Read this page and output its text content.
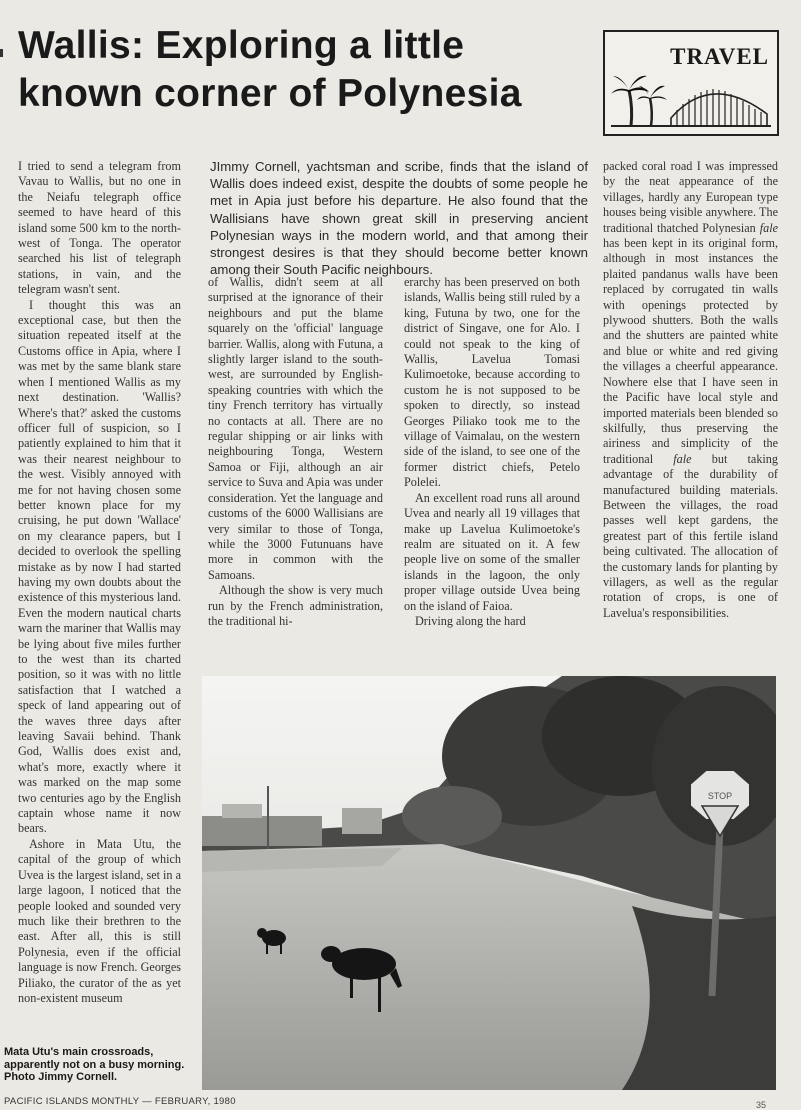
Wallis: Exploring a little
known corner of Polynesia
TRAVEL
JImmy Cornell, yachtsman and scribe, finds that the island of Wallis does indeed exist, despite the doubts of some people he met in Apia just before his departure. He also found that the Wallisians have shown great skill in preserving ancient Polynesian ways in the modern world, and that among their strongest desires is that they should become better known among their South Pacific neighbours.

I tried to send a telegram from Vavau to Wallis, but no one in the Neiafu telegraph office seemed to have heard of this island some 500 km to the north-west of Tonga. The operator searched his list of telegraph stations, in vain, and the telegram wasn't sent.

I thought this was an exceptional case, but then the situation repeated itself at the Customs office in Apia, where I was met by the same blank stare when I mentioned Wallis as my next destination. 'Wallis? Where's that?' asked the customs officer full of suspicion, so I patiently explained to him that it was their nearest neighbour to the west. Visibly annoyed with me for not having chosen some better known place for my cruising, he put down 'Wallace' on my clearance papers, but I decided to overlook the spelling mistake as by now I had started having my own doubts about the existence of this mysterious land. Even the modern nautical charts warn the mariner that Wallis may be lying about five miles further to the west than its charted position, so it was with no little satisfaction that I watched a speck of land appearing out of the waves three days after leaving Savaii behind. Thank God, Wallis does exist and, what's more, exactly where it was marked on the map some two centuries ago by the English captain whose name it now bears.

Ashore in Mata Utu, the capital of the group of which Uvea is the largest island, set in a large lagoon, I noticed that the people looked and sounded very much like their brethren to the east. After all, this is still Polynesia, even if the official language is now French. Georges Piliako, the curator of the as yet non-existent museum

of Wallis, didn't seem at all surprised at the ignorance of their neighbours and put the blame squarely on the 'official' language barrier. Wallis, along with Futuna, a slightly larger island to the south-west, are surrounded by English-speaking countries with which the tiny French territory has virtually no contacts at all. There are no regular shipping or air links with neighbouring Tonga, Western Samoa or Fiji, although an air service to Suva and Apia was under consideration. Yet the language and customs of the 6000 Wallisians are very similar to those of Tonga, while the 3000 Futunuans have more in common with the Samoans.

Although the show is very much run by the French administration, the traditional hi-

erarchy has been preserved on both islands, Wallis being still ruled by a king, Futuna by two, one for the district of Singave, one for Alo. I could not speak to the king of Wallis, Lavelua Tomasi Kulimoetoke, because according to custom he is not supposed to be spoken to directly, so instead Georges Piliako took me to the village of Vaimalau, on the western side of the island, to see one of the former district chiefs, Petelo Polelei.

An excellent road runs all around Uvea and nearly all 19 villages that make up Lavelua Kulimoetoke's realm are situated on it. A few people live on some of the smaller islands in the lagoon, the only proper village outside Uvea being on the island of Faioa.

Driving along the hard

packed coral road I was impressed by the neat appearance of the villages, hardly any European type houses being visible anywhere. The traditional thatched Polynesian fale has been kept in its original form, although in most instances the plaited pandanus walls have been replaced by corrugated tin walls with openings protected by plywood shutters. Both the walls and the shutters are painted white and blue or white and red giving the villages a cheerful appearance. Nowhere else that I have seen in the Pacific have local style and imported materials been blended so skilfully, thus preserving the airiness and simplicity of the traditional fale but taking advantage of the durability of manufactured building materials. Between the villages, the road passes well kept gardens, the greatest part of this fertile island being cultivated. The allocation of the customary lands for planting by villagers, as well as the regular rotation of crops, is one of Lavelua's responsibilities.

STOP
Mata Utu's main crossroads, apparently not on a busy morning. Photo Jimmy Cornell.
PACIFIC ISLANDS MONTHLY — FEBRUARY, 1980	35
